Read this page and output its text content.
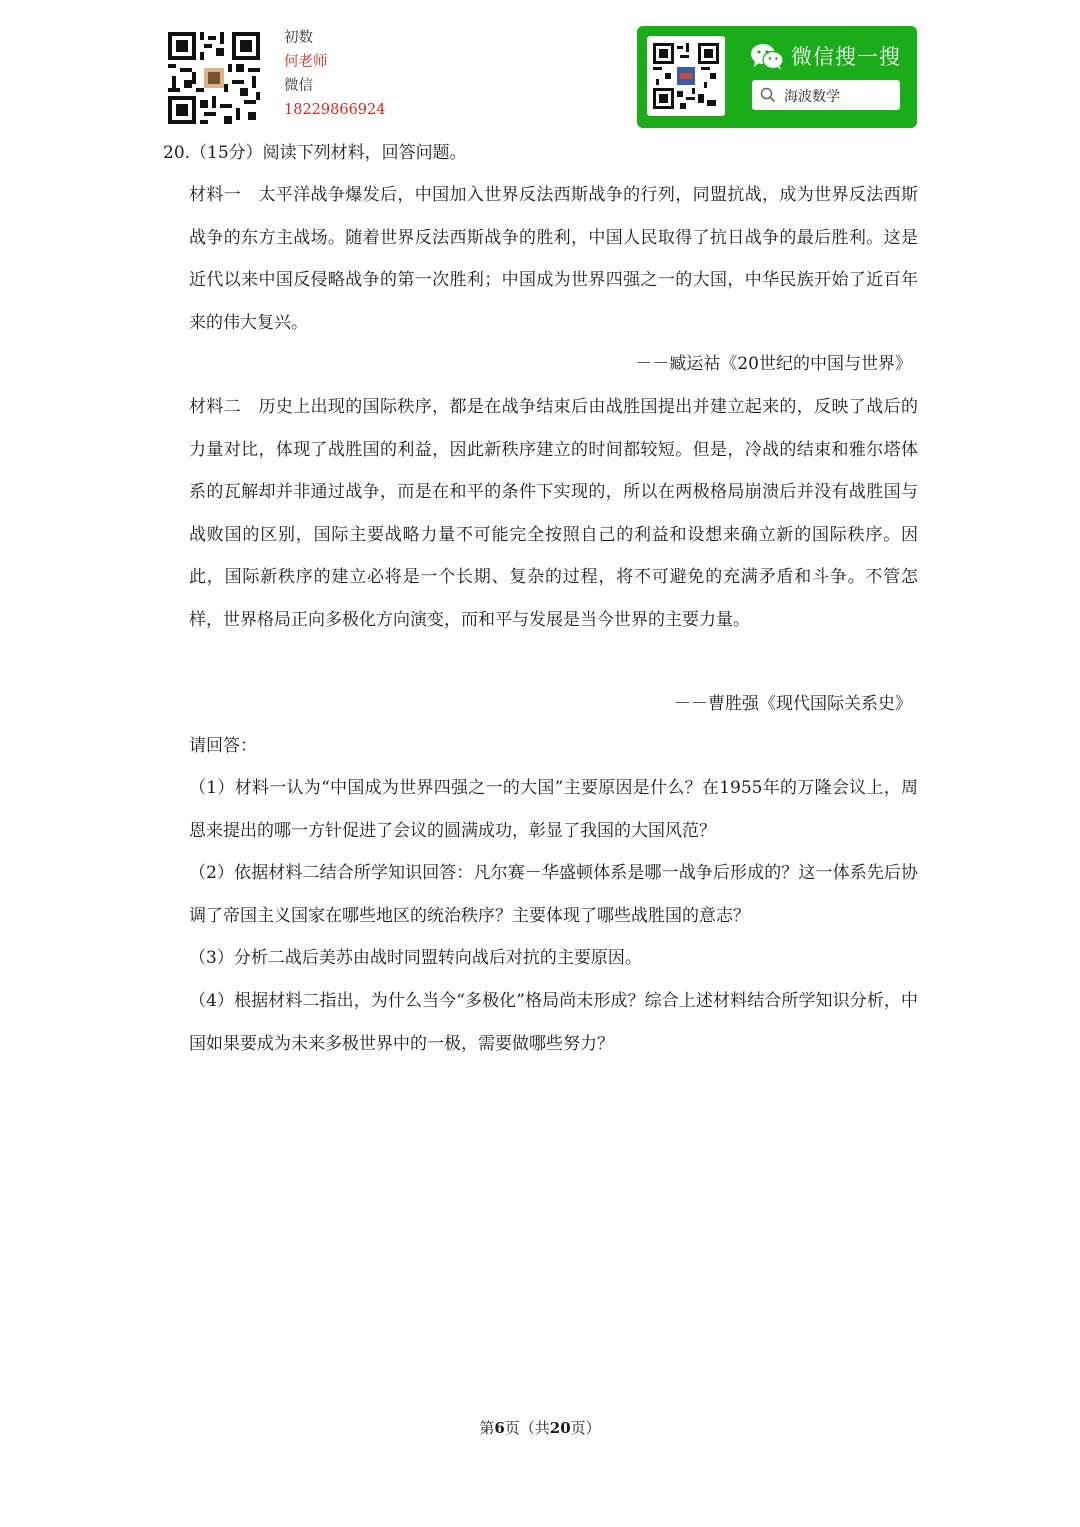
初数
何老师
微信
18229866924
微信搜一搜
海波数学
20.（15分）阅读下列材料，回答问题。
材料一　太平洋战争爆发后，中国加入世界反法西斯战争的行列，同盟抗战，成为世界反法西斯战争的东方主战场。随着世界反法西斯战争的胜利，中国人民取得了抗日战争的最后胜利。这是近代以来中国反侵略战争的第一次胜利；中国成为世界四强之一的大国，中华民族开始了近百年来的伟大复兴。
－－臧运祜《20世纪的中国与世界》
材料二　历史上出现的国际秩序，都是在战争结束后由战胜国提出并建立起来的，反映了战后的力量对比，体现了战胜国的利益，因此新秩序建立的时间都较短。但是，冷战的结束和雅尔塔体系的瓦解却并非通过战争，而是在和平的条件下实现的，所以在两极格局崩溃后并没有战胜国与战败国的区别，国际主要战略力量不可能完全按照自己的利益和设想来确立新的国际秩序。因此，国际新秩序的建立必将是一个长期、复杂的过程，将不可避免的充满矛盾和斗争。不管怎样，世界格局正向多极化方向演变，而和平与发展是当今世界的主要力量。
－－曹胜强《现代国际关系史》
请回答：
（1）材料一认为“中国成为世界四强之一的大国”主要原因是什么？在1955年的万隆会议上，周恩来提出的哪一方针促进了会议的圆满成功，彰显了我国的大国风范？
（2）依据材料二结合所学知识回答：凡尔赛－华盛顿体系是哪一战争后形成的？这一体系先后协调了帝国主义国家在哪些地区的统治秩序？主要体现了哪些战胜国的意志？
（3）分析二战后美苏由战时同盟转向战后对抗的主要原因。
（4）根据材料二指出，为什么当今“多极化”格局尚未形成？综合上述材料结合所学知识分析，中国如果要成为未来多极世界中的一极，需要做哪些努力？
第6页（共20页）
